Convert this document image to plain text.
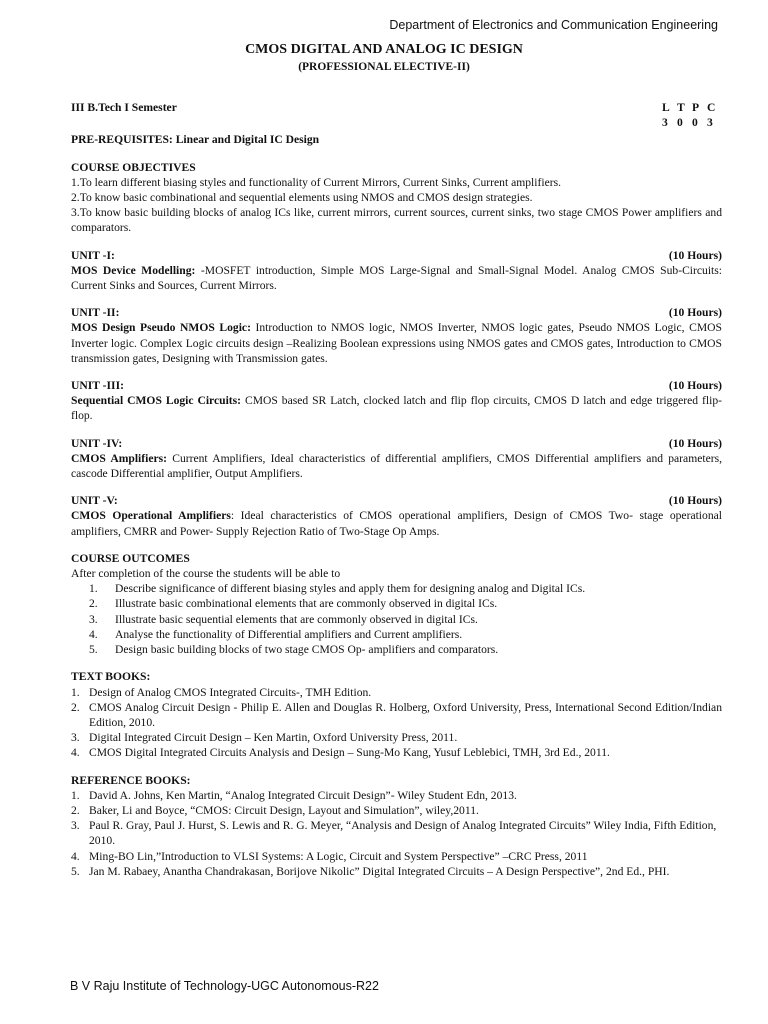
Department of Electronics and Communication Engineering
CMOS DIGITAL AND ANALOG IC DESIGN
(PROFESSIONAL ELECTIVE-II)
III B.Tech I Semester	L T P C
3 0 0 3
PRE-REQUISITES: Linear and Digital IC Design
COURSE OBJECTIVES
1.To learn different biasing styles and functionality of Current Mirrors, Current Sinks, Current amplifiers.
2.To know basic combinational and sequential elements using NMOS and CMOS design strategies.
3.To know basic building blocks of analog ICs like, current mirrors, current sources, current sinks, two stage CMOS Power amplifiers and comparators.
UNIT -I:	(10 Hours)
MOS Device Modelling: -MOSFET introduction, Simple MOS Large-Signal and Small-Signal Model. Analog CMOS Sub-Circuits: Current Sinks and Sources, Current Mirrors.
UNIT -II:	(10 Hours)
MOS Design Pseudo NMOS Logic: Introduction to NMOS logic, NMOS Inverter, NMOS logic gates, Pseudo NMOS Logic, CMOS Inverter logic. Complex Logic circuits design –Realizing Boolean expressions using NMOS gates and CMOS gates, Introduction to CMOS transmission gates, Designing with Transmission gates.
UNIT -III:	(10 Hours)
Sequential CMOS Logic Circuits: CMOS based SR Latch, clocked latch and flip flop circuits, CMOS D latch and edge triggered flip-flop.
UNIT -IV:	(10 Hours)
CMOS Amplifiers: Current Amplifiers, Ideal characteristics of differential amplifiers, CMOS Differential amplifiers and parameters, cascode Differential amplifier, Output Amplifiers.
UNIT -V:	(10 Hours)
CMOS Operational Amplifiers: Ideal characteristics of CMOS operational amplifiers, Design of CMOS Two- stage operational amplifiers, CMRR and Power- Supply Rejection Ratio of Two-Stage Op Amps.
COURSE OUTCOMES
After completion of the course the students will be able to
1.	Describe significance of different biasing styles and apply them for designing analog and Digital ICs.
2.	Illustrate basic combinational elements that are commonly observed in digital ICs.
3.	Illustrate basic sequential elements that are commonly observed in digital ICs.
4.	Analyse the functionality of Differential amplifiers and Current amplifiers.
5.	Design basic building blocks of two stage CMOS Op- amplifiers and comparators.
TEXT BOOKS:
1. Design of Analog CMOS Integrated Circuits-, TMH Edition.
2. CMOS Analog Circuit Design - Philip E. Allen and Douglas R. Holberg, Oxford University, Press, International Second Edition/Indian Edition, 2010.
3. Digital Integrated Circuit Design – Ken Martin, Oxford University Press, 2011.
4. CMOS Digital Integrated Circuits Analysis and Design – Sung-Mo Kang, Yusuf Leblebici, TMH, 3rd Ed., 2011.
REFERENCE BOOKS:
1. David A. Johns, Ken Martin, “Analog Integrated Circuit Design”- Wiley Student Edn, 2013.
2. Baker, Li and Boyce, “CMOS: Circuit Design, Layout and Simulation”, wiley,2011.
3. Paul R. Gray, Paul J. Hurst, S. Lewis and R. G. Meyer, “Analysis and Design of Analog Integrated Circuits” Wiley India, Fifth Edition, 2010.
4. Ming-BO Lin,”Introduction to VLSI Systems: A Logic, Circuit and System Perspective” –CRC Press, 2011
5. Jan M. Rabaey, Anantha Chandrakasan, Borijove Nikolic” Digital Integrated Circuits – A Design Perspective”, 2nd Ed., PHI.
B V Raju Institute of Technology-UGC Autonomous-R22
